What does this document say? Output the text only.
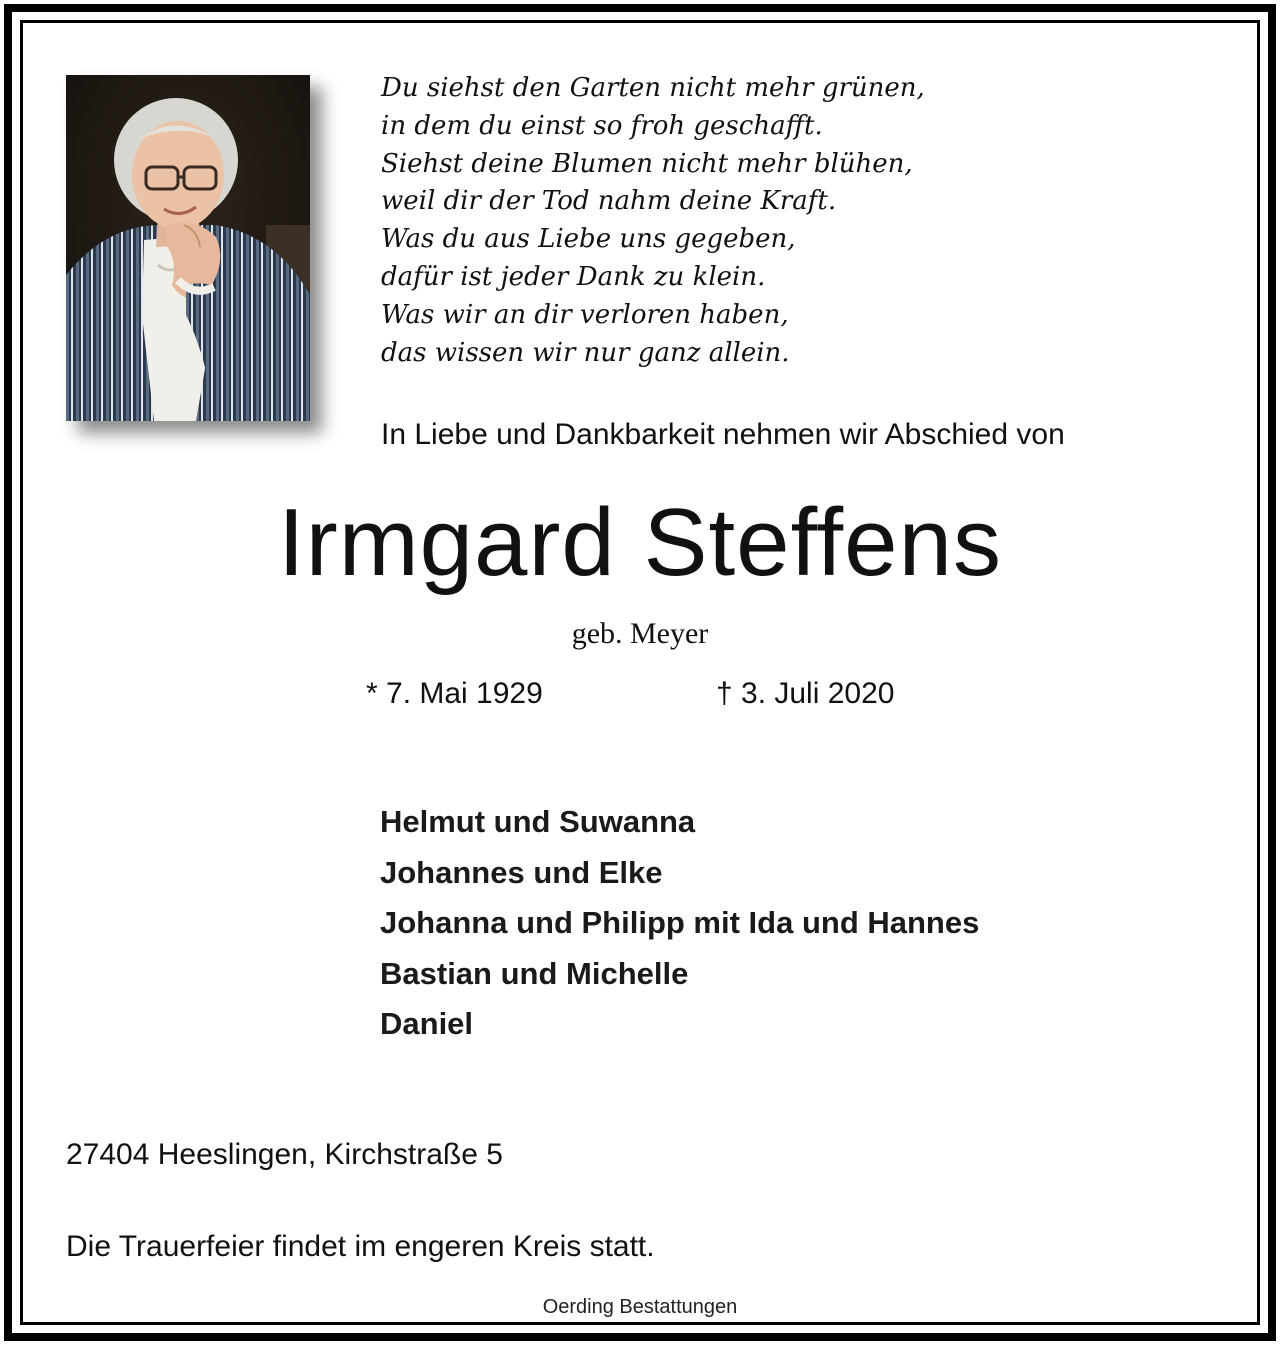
Du siehst den Garten nicht mehr grünen,
in dem du einst so froh geschafft.
Siehst deine Blumen nicht mehr blühen,
weil dir der Tod nahm deine Kraft.
Was du aus Liebe uns gegeben,
dafür ist jeder Dank zu klein.
Was wir an dir verloren haben,
das wissen wir nur ganz allein.
In Liebe und Dankbarkeit nehmen wir Abschied von
Irmgard Steffens
geb. Meyer
* 7. Mai 1929	† 3. Juli 2020
Helmut und Suwanna
Johannes und Elke
Johanna und Philipp mit Ida und Hannes
Bastian und Michelle
Daniel
27404 Heeslingen, Kirchstraße 5
Die Trauerfeier findet im engeren Kreis statt.
Oerding Bestattungen
